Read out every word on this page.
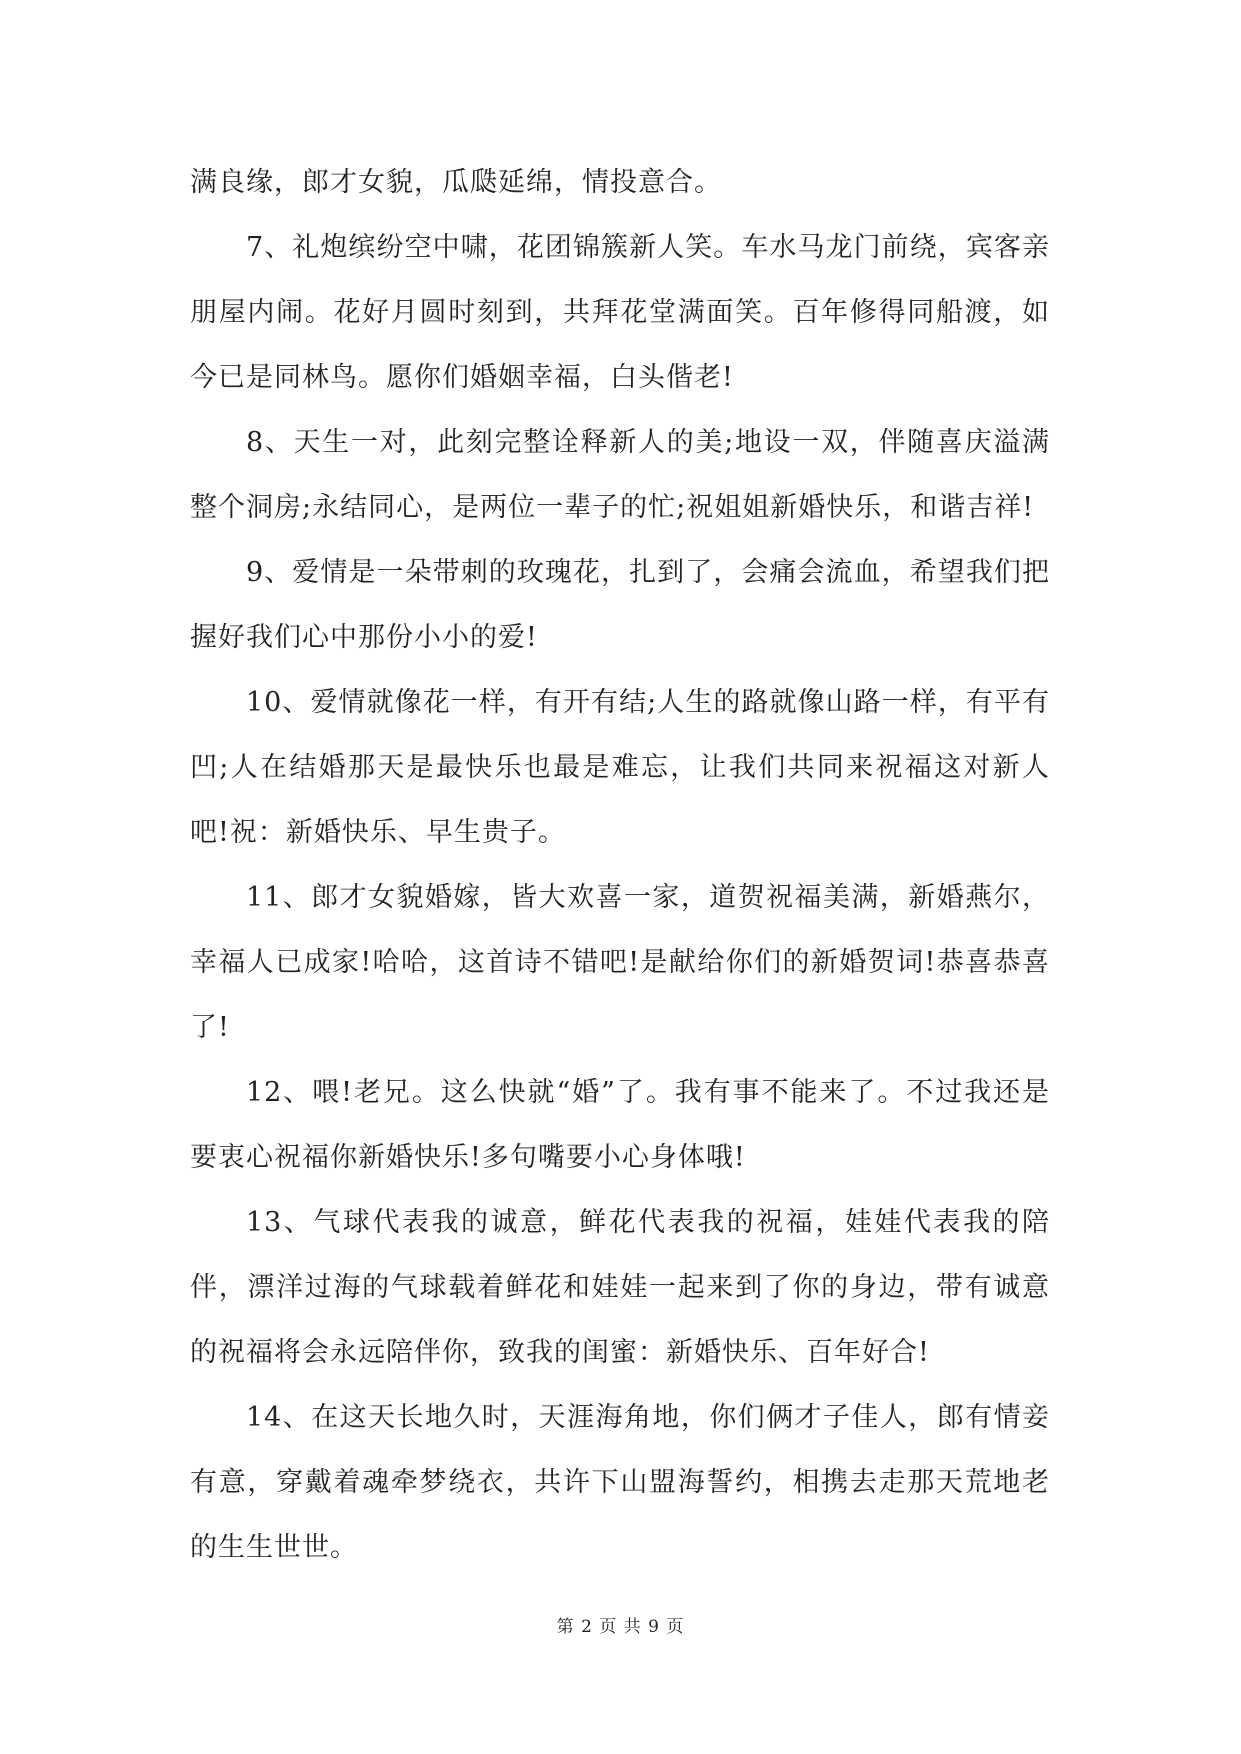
满良缘，郎才女貌，瓜瓞延绵，情投意合。

7、礼炮缤纷空中啸，花团锦簇新人笑。车水马龙门前绕，宾客亲朋屋内闹。花好月圆时刻到，共拜花堂满面笑。百年修得同船渡，如今已是同林鸟。愿你们婚姻幸福，白头偕老!

8、天生一对，此刻完整诠释新人的美;地设一双，伴随喜庆溢满整个洞房;永结同心，是两位一辈子的忙;祝姐姐新婚快乐，和谐吉祥!

9、爱情是一朵带刺的玫瑰花，扎到了，会痛会流血，希望我们把握好我们心中那份小小的爱!

10、爱情就像花一样，有开有结;人生的路就像山路一样，有平有凹;人在结婚那天是最快乐也最是难忘，让我们共同来祝福这对新人吧!祝：新婚快乐、早生贵子。

11、郎才女貌婚嫁，皆大欢喜一家，道贺祝福美满，新婚燕尔，幸福人已成家!哈哈，这首诗不错吧!是献给你们的新婚贺词!恭喜恭喜了!

12、喂!老兄。这么快就“婚”了。我有事不能来了。不过我还是要衷心祝福你新婚快乐!多句嘴要小心身体哦!

13、气球代表我的诚意，鲜花代表我的祝福，娃娃代表我的陪伴，漂洋过海的气球载着鲜花和娃娃一起来到了你的身边，带有诚意的祝福将会永远陪伴你，致我的闺蜜：新婚快乐、百年好合!

14、在这天长地久时，天涯海角地，你们俩才子佳人，郎有情妾有意，穿戴着魂牵梦绕衣，共许下山盟海誓约，相携去走那天荒地老的生生世世。

第 2 页 共 9 页
